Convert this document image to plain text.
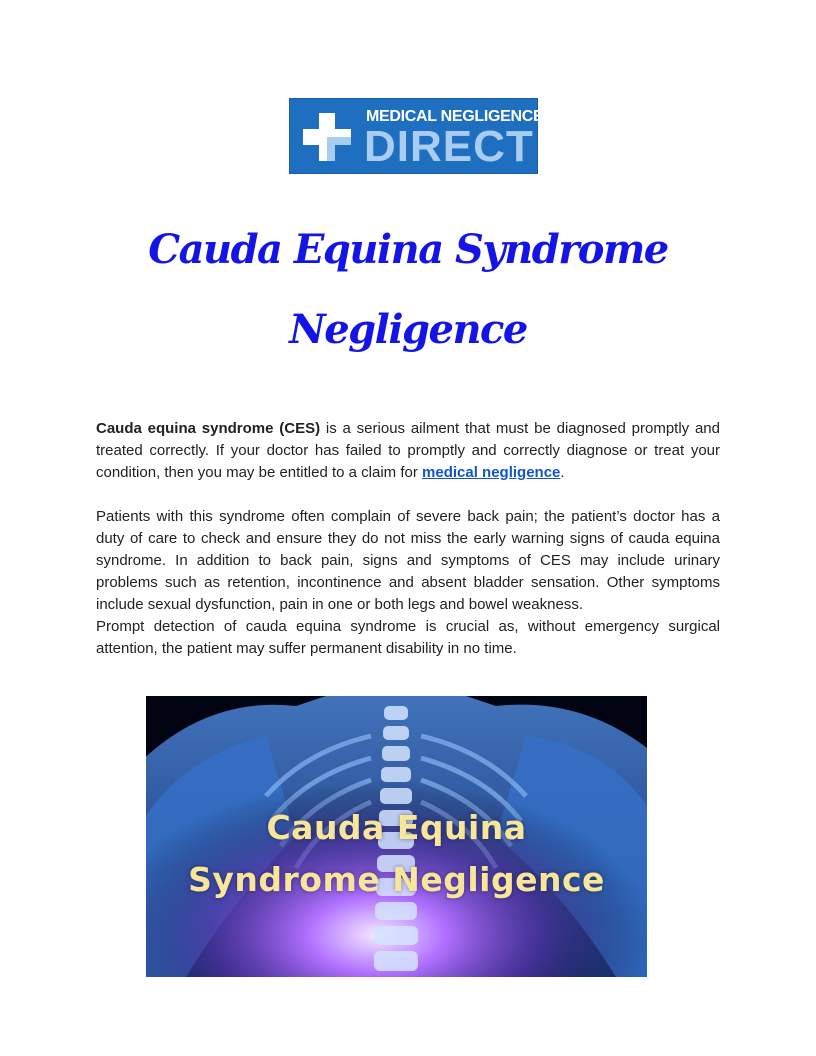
MEDICAL NEGLIGENCE
DIRECT
Cauda Equina Syndrome
Negligence

Cauda equina syndrome (CES) is a serious ailment that must be diagnosed promptly and treated correctly. If your doctor has failed to promptly and correctly diagnose or treat your condition, then you may be entitled to a claim for medical negligence.

Patients with this syndrome often complain of severe back pain; the patient’s doctor has a duty of care to check and ensure they do not miss the early warning signs of cauda equina syndrome. In addition to back pain, signs and symptoms of CES may include urinary problems such as retention, incontinence and absent bladder sensation. Other symptoms include sexual dysfunction, pain in one or both legs and bowel weakness.

Prompt detection of cauda equina syndrome is crucial as, without emergency surgical attention, the patient may suffer permanent disability in no time.

Cauda Equina
Syndrome Negligence
